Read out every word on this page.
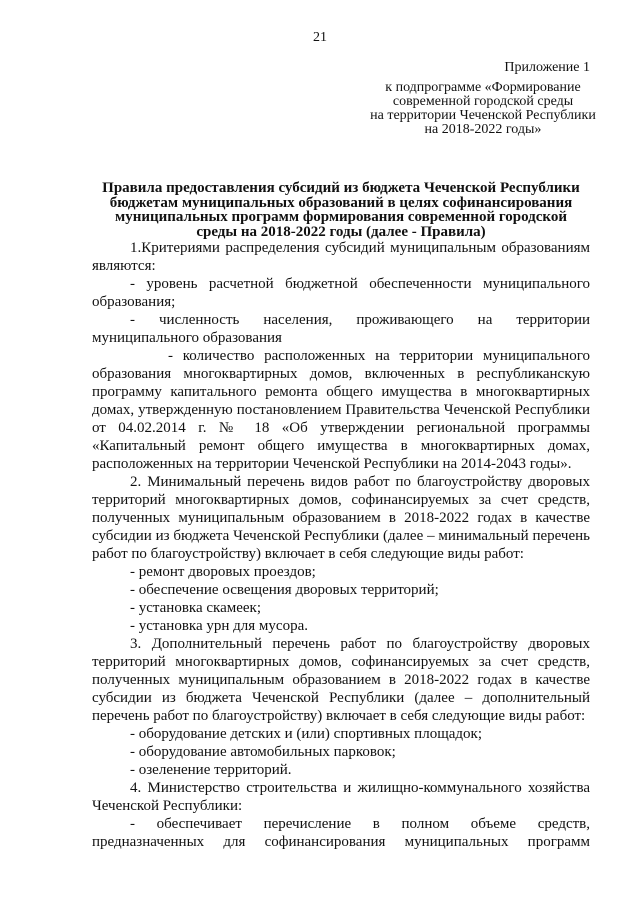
21
Приложение 1
к подпрограмме «Формирование
современной городской среды
на территории Чеченской Республики
на 2018-2022 годы»
Правила предоставления субсидий из бюджета Чеченской Республики
бюджетам муниципальных образований в целях софинансирования
муниципальных программ формирования современной городской
среды на 2018-2022 годы (далее - Правила)

1.Критериями распределения субсидий муниципальным образованиям являются:

- уровень расчетной бюджетной обеспеченности муниципального образования;

- численность населения, проживающего на территории муниципального образования

- количество расположенных на территории муниципального образования многоквартирных домов, включенных в республиканскую программу капитального ремонта общего имущества в многоквартирных домах, утвержденную постановлением Правительства Чеченской Республики от 04.02.2014 г. № 18 «Об утверждении региональной программы «Капитальный ремонт общего имущества в многоквартирных домах, расположенных на территории Чеченской Республики на 2014-2043 годы».

2. Минимальный перечень видов работ по благоустройству дворовых территорий многоквартирных домов, софинансируемых за счет средств, полученных муниципальным образованием в 2018-2022 годах в качестве субсидии из бюджета Чеченской Республики (далее – минимальный перечень работ по благоустройству) включает в себя следующие виды работ:

- ремонт дворовых проездов;

- обеспечение освещения дворовых территорий;

- установка скамеек;

- установка урн для мусора.

3. Дополнительный перечень работ по благоустройству дворовых территорий многоквартирных домов, софинансируемых за счет средств, полученных муниципальным образованием в 2018-2022 годах в качестве субсидии из бюджета Чеченской Республики (далее – дополнительный перечень работ по благоустройству) включает в себя следующие виды работ:

- оборудование детских и (или) спортивных площадок;

- оборудование автомобильных парковок;

- озеленение территорий.

4. Министерство строительства и жилищно-коммунального хозяйства Чеченской Республики:

- обеспечивает перечисление в полном объеме средств, предназначенных для софинансирования муниципальных программ
